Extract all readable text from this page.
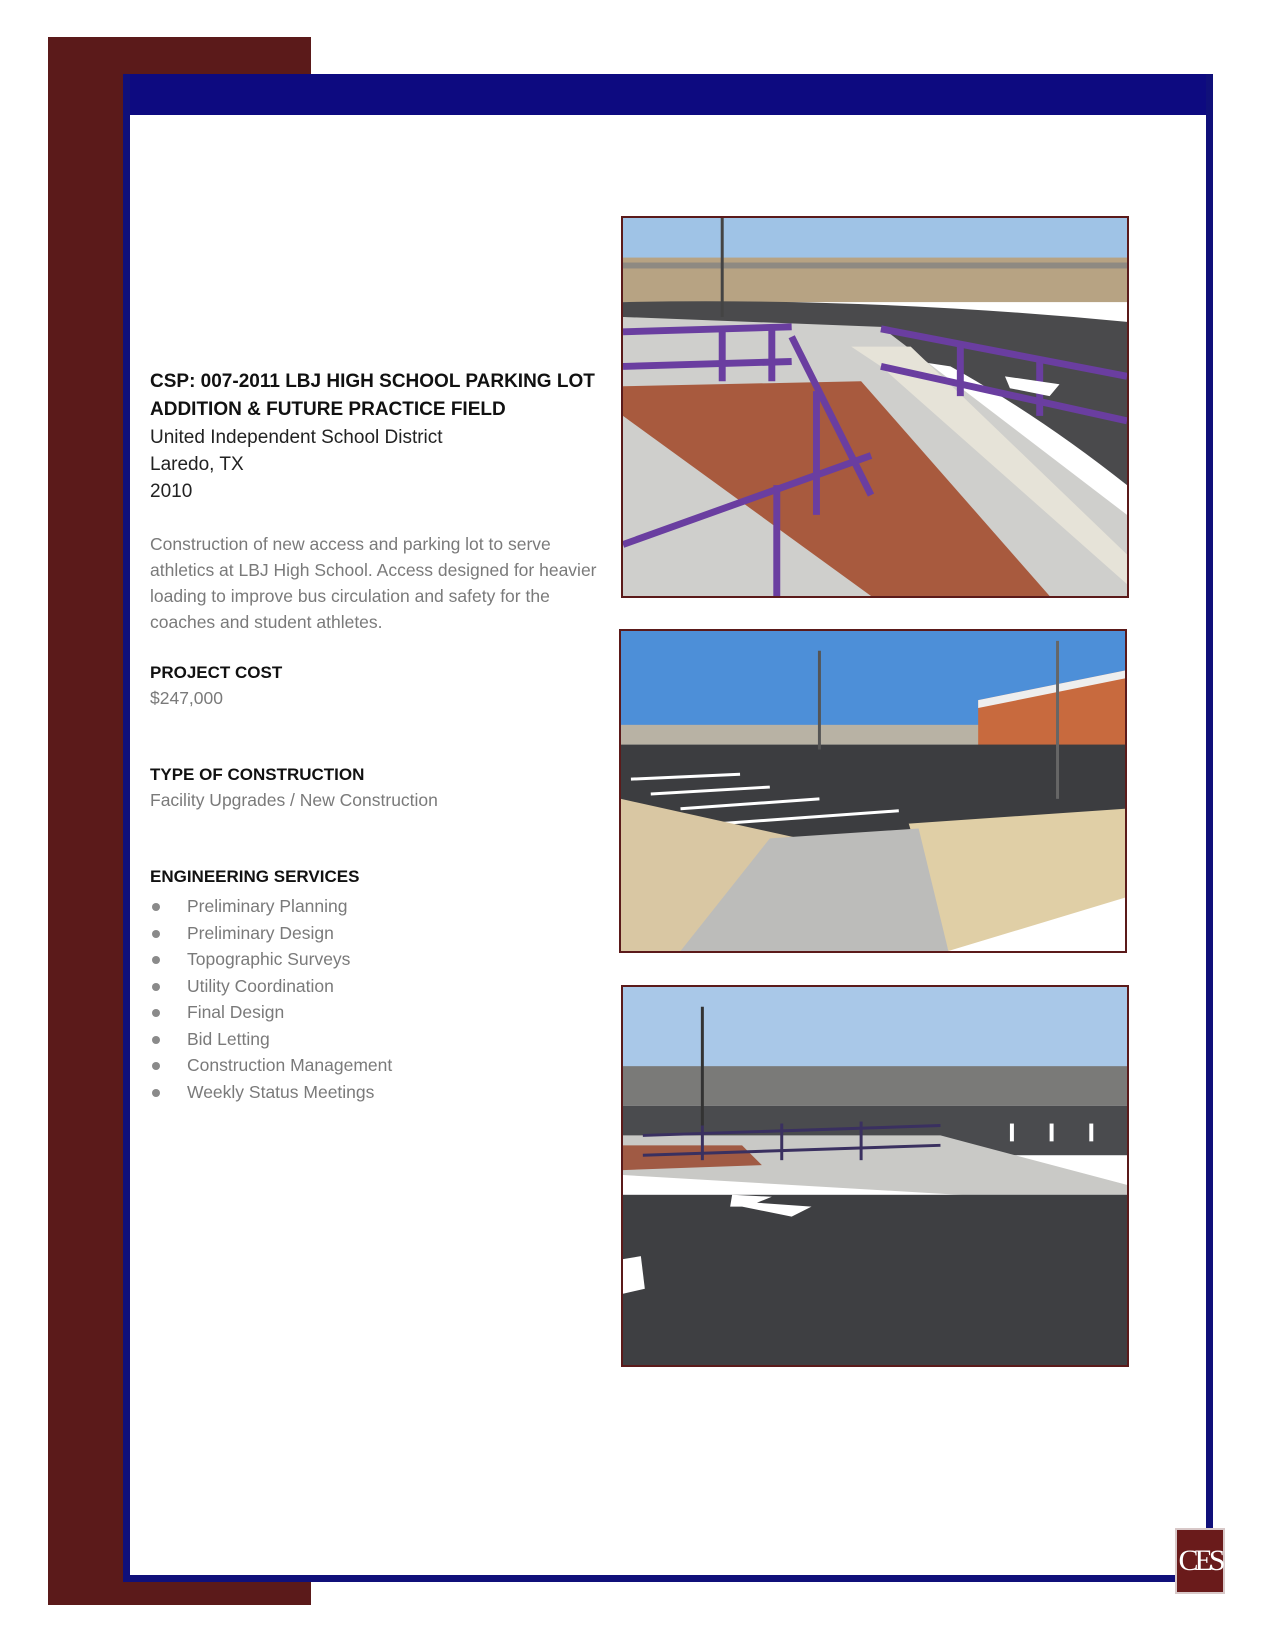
CSP: 007-2011 LBJ HIGH SCHOOL PARKING LOT

ADDITION & FUTURE PRACTICE FIELD

United Independent School District

Laredo, TX

2010

Construction of new access and parking lot to serve athletics at LBJ High School. Access designed for heavier loading to improve bus circulation and safety for the coaches and student athletes.
PROJECT COST
$247,000
TYPE OF CONSTRUCTION
Facility Upgrades / New Construction
ENGINEERING SERVICES
Preliminary Planning
Preliminary Design
Topographic Surveys
Utility Coordination
Final Design
Bid Letting
Construction Management
Weekly Status Meetings
CES
